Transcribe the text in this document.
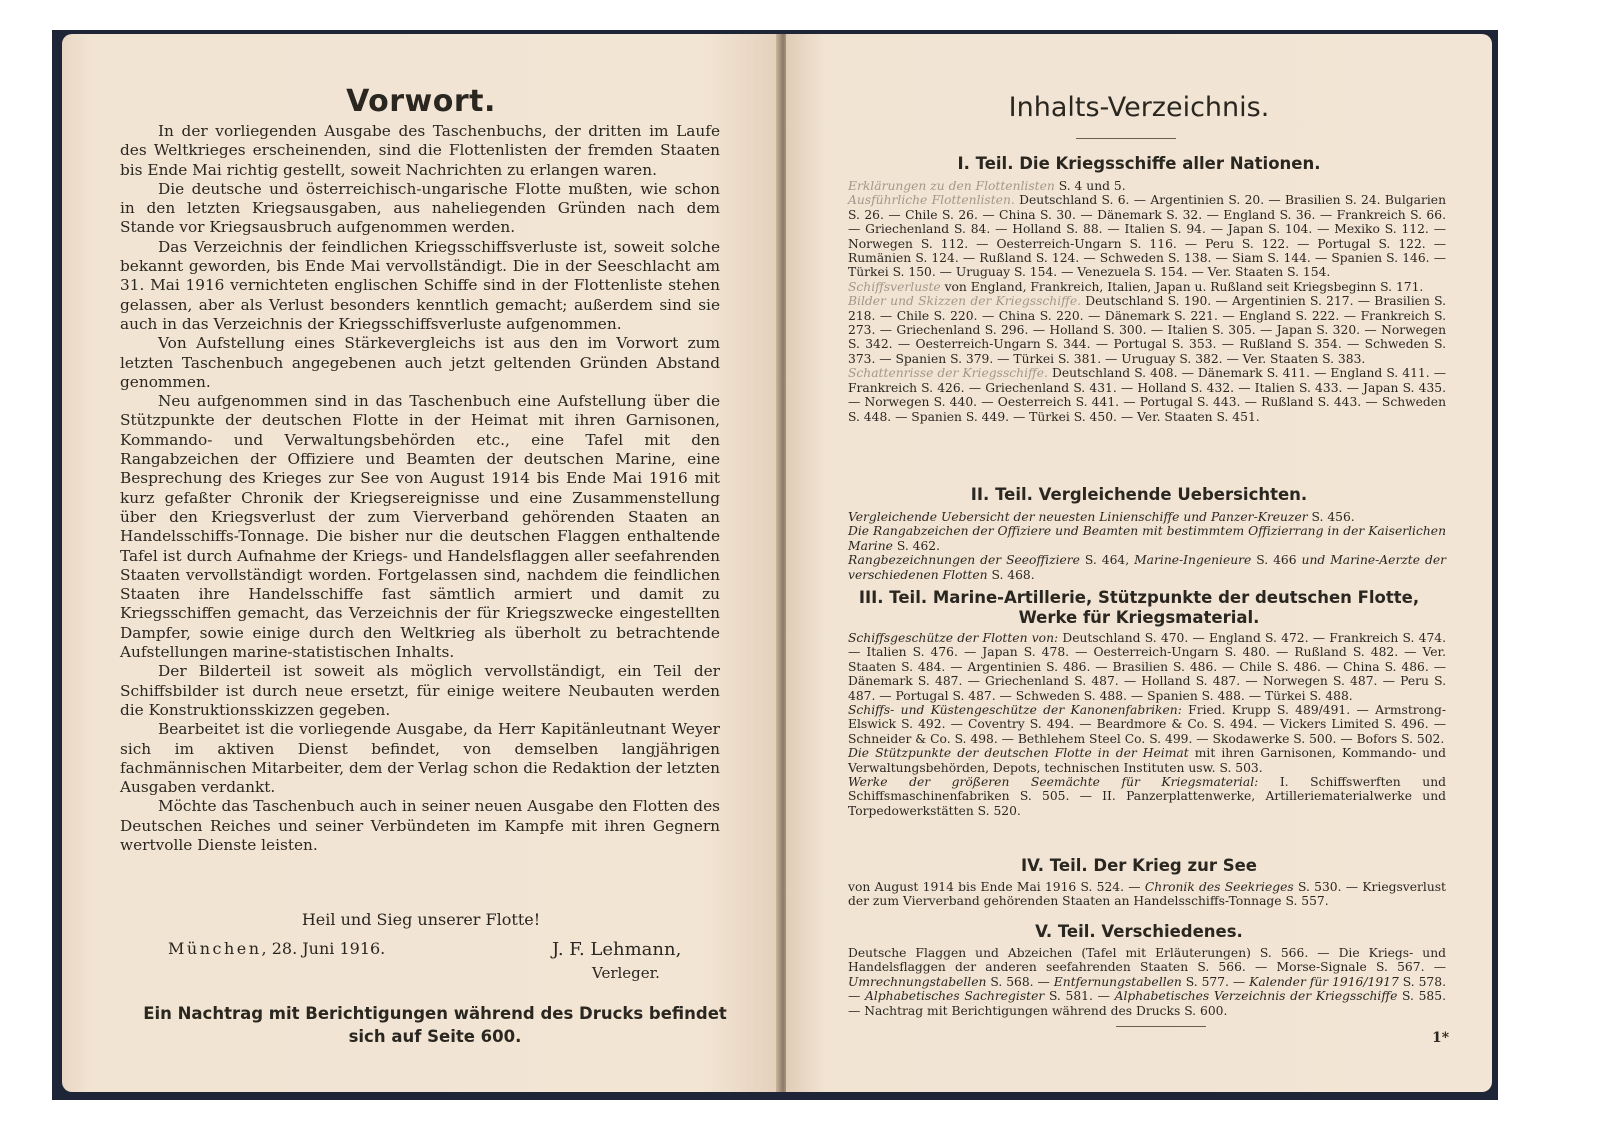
Vorwort.

In der vorliegenden Ausgabe des Taschenbuchs, der dritten im Laufe des Weltkrieges erscheinenden, sind die Flottenlisten der fremden Staaten bis Ende Mai richtig gestellt, soweit Nachrichten zu erlangen waren.

Die deutsche und österreichisch-ungarische Flotte mußten, wie schon in den letzten Kriegsausgaben, aus naheliegenden Gründen nach dem Stande vor Kriegsausbruch aufgenommen werden.

Das Verzeichnis der feindlichen Kriegsschiffsverluste ist, soweit solche bekannt geworden, bis Ende Mai vervollständigt. Die in der Seeschlacht am 31. Mai 1916 vernichteten englischen Schiffe sind in der Flottenliste stehen gelassen, aber als Verlust besonders kenntlich gemacht; außerdem sind sie auch in das Verzeichnis der Kriegsschiffsverluste aufgenommen.

Von Aufstellung eines Stärkevergleichs ist aus den im Vorwort zum letzten Taschenbuch angegebenen auch jetzt geltenden Gründen Abstand genommen.

Neu aufgenommen sind in das Taschenbuch eine Aufstellung über die Stützpunkte der deutschen Flotte in der Heimat mit ihren Garnisonen, Kommando- und Verwaltungsbehörden etc., eine Tafel mit den Rangabzeichen der Offiziere und Beamten der deutschen Marine, eine Besprechung des Krieges zur See von August 1914 bis Ende Mai 1916 mit kurz gefaßter Chronik der Kriegsereignisse und eine Zusammenstellung über den Kriegsverlust der zum Vierverband gehörenden Staaten an Handelsschiffs-Tonnage. Die bisher nur die deutschen Flaggen enthaltende Tafel ist durch Aufnahme der Kriegs- und Handelsflaggen aller seefahrenden Staaten vervollständigt worden. Fortgelassen sind, nachdem die feindlichen Staaten ihre Handelsschiffe fast sämtlich armiert und damit zu Kriegsschiffen gemacht, das Verzeichnis der für Kriegszwecke eingestellten Dampfer, sowie einige durch den Weltkrieg als überholt zu betrachtende Aufstellungen marine-statistischen Inhalts.

Der Bilderteil ist soweit als möglich vervollständigt, ein Teil der Schiffsbilder ist durch neue ersetzt, für einige weitere Neubauten werden die Konstruktionsskizzen gegeben.

Bearbeitet ist die vorliegende Ausgabe, da Herr Kapitänleutnant Weyer sich im aktiven Dienst befindet, von demselben langjährigen fachmännischen Mitarbeiter, dem der Verlag schon die Redaktion der letzten Ausgaben verdankt.

Möchte das Taschenbuch auch in seiner neuen Ausgabe den Flotten des Deutschen Reiches und seiner Verbündeten im Kampfe mit ihren Gegnern wertvolle Dienste leisten.

Heil und Sieg unserer Flotte!
München, 28. Juni 1916.	J. F. Lehmann,
Verleger.
Ein Nachtrag mit Berichtigungen während des Drucks befindet sich auf Seite 600.
Inhalts-Verzeichnis.
I. Teil. Die Kriegsschiffe aller Nationen.

Erklärungen zu den Flottenlisten S. 4 und 5.

Ausführliche Flottenlisten. Deutschland S. 6. — Argentinien S. 20. — Brasilien S. 24. Bulgarien S. 26. — Chile S. 26. — China S. 30. — Dänemark S. 32. — England S. 36. — Frankreich S. 66. — Griechenland S. 84. — Holland S. 88. — Italien S. 94. — Japan S. 104. — Mexiko S. 112. — Norwegen S. 112. — Oesterreich-Ungarn S. 116. — Peru S. 122. — Portugal S. 122. — Rumänien S. 124. — Rußland S. 124. — Schweden S. 138. — Siam S. 144. — Spanien S. 146. — Türkei S. 150. — Uruguay S. 154. — Venezuela S. 154. — Ver. Staaten S. 154.

Schiffsverluste von England, Frankreich, Italien, Japan u. Rußland seit Kriegsbeginn S. 171.

Bilder und Skizzen der Kriegsschiffe. Deutschland S. 190. — Argentinien S. 217. — Brasilien S. 218. — Chile S. 220. — China S. 220. — Dänemark S. 221. — England S. 222. — Frankreich S. 273. — Griechenland S. 296. — Holland S. 300. — Italien S. 305. — Japan S. 320. — Norwegen S. 342. — Oesterreich-Ungarn S. 344. — Portugal S. 353. — Rußland S. 354. — Schweden S. 373. — Spanien S. 379. — Türkei S. 381. — Uruguay S. 382. — Ver. Staaten S. 383.

Schattenrisse der Kriegsschiffe. Deutschland S. 408. — Dänemark S. 411. — England S. 411. — Frankreich S. 426. — Griechenland S. 431. — Holland S. 432. — Italien S. 433. — Japan S. 435. — Norwegen S. 440. — Oesterreich S. 441. — Portugal S. 443. — Rußland S. 443. — Schweden S. 448. — Spanien S. 449. — Türkei S. 450. — Ver. Staaten S. 451.

II. Teil. Vergleichende Uebersichten.

Vergleichende Uebersicht der neuesten Linienschiffe und Panzer-Kreuzer S. 456.

Die Rangabzeichen der Offiziere und Beamten mit bestimmtem Offizierrang in der Kaiserlichen Marine S. 462.

Rangbezeichnungen der Seeoffiziere S. 464, Marine-Ingenieure S. 466 und Marine-Aerzte der verschiedenen Flotten S. 468.

III. Teil. Marine-Artillerie, Stützpunkte der deutschen Flotte,
Werke für Kriegsmaterial.

Schiffsgeschütze der Flotten von: Deutschland S. 470. — England S. 472. — Frankreich S. 474. — Italien S. 476. — Japan S. 478. — Oesterreich-Ungarn S. 480. — Rußland S. 482. — Ver. Staaten S. 484. — Argentinien S. 486. — Brasilien S. 486. — Chile S. 486. — China S. 486. — Dänemark S. 487. — Griechenland S. 487. — Holland S. 487. — Norwegen S. 487. — Peru S. 487. — Portugal S. 487. — Schweden S. 488. — Spanien S. 488. — Türkei S. 488.

Schiffs- und Küstengeschütze der Kanonenfabriken: Fried. Krupp S. 489/491. — Armstrong-Elswick S. 492. — Coventry S. 494. — Beardmore & Co. S. 494. — Vickers Limited S. 496. — Schneider & Co. S. 498. — Bethlehem Steel Co. S. 499. — Skodawerke S. 500. — Bofors S. 502.

Die Stützpunkte der deutschen Flotte in der Heimat mit ihren Garnisonen, Kommando- und Verwaltungsbehörden, Depots, technischen Instituten usw. S. 503.

Werke der größeren Seemächte für Kriegsmaterial: I. Schiffswerften und Schiffsmaschinenfabriken S. 505. — II. Panzerplattenwerke, Artilleriematerialwerke und Torpedowerkstätten S. 520.

IV. Teil. Der Krieg zur See

von August 1914 bis Ende Mai 1916 S. 524. — Chronik des Seekrieges S. 530. — Kriegsverlust der zum Vierverband gehörenden Staaten an Handelsschiffs-Tonnage S. 557.

V. Teil. Verschiedenes.

Deutsche Flaggen und Abzeichen (Tafel mit Erläuterungen) S. 566. — Die Kriegs- und Handelsflaggen der anderen seefahrenden Staaten S. 566. — Morse-Signale S. 567. — Umrechnungstabellen S. 568. — Entfernungstabellen S. 577. — Kalender für 1916/1917 S. 578. — Alphabetisches Sachregister S. 581. — Alphabetisches Verzeichnis der Kriegsschiffe S. 585. — Nachtrag mit Berichtigungen während des Drucks S. 600.

1*
